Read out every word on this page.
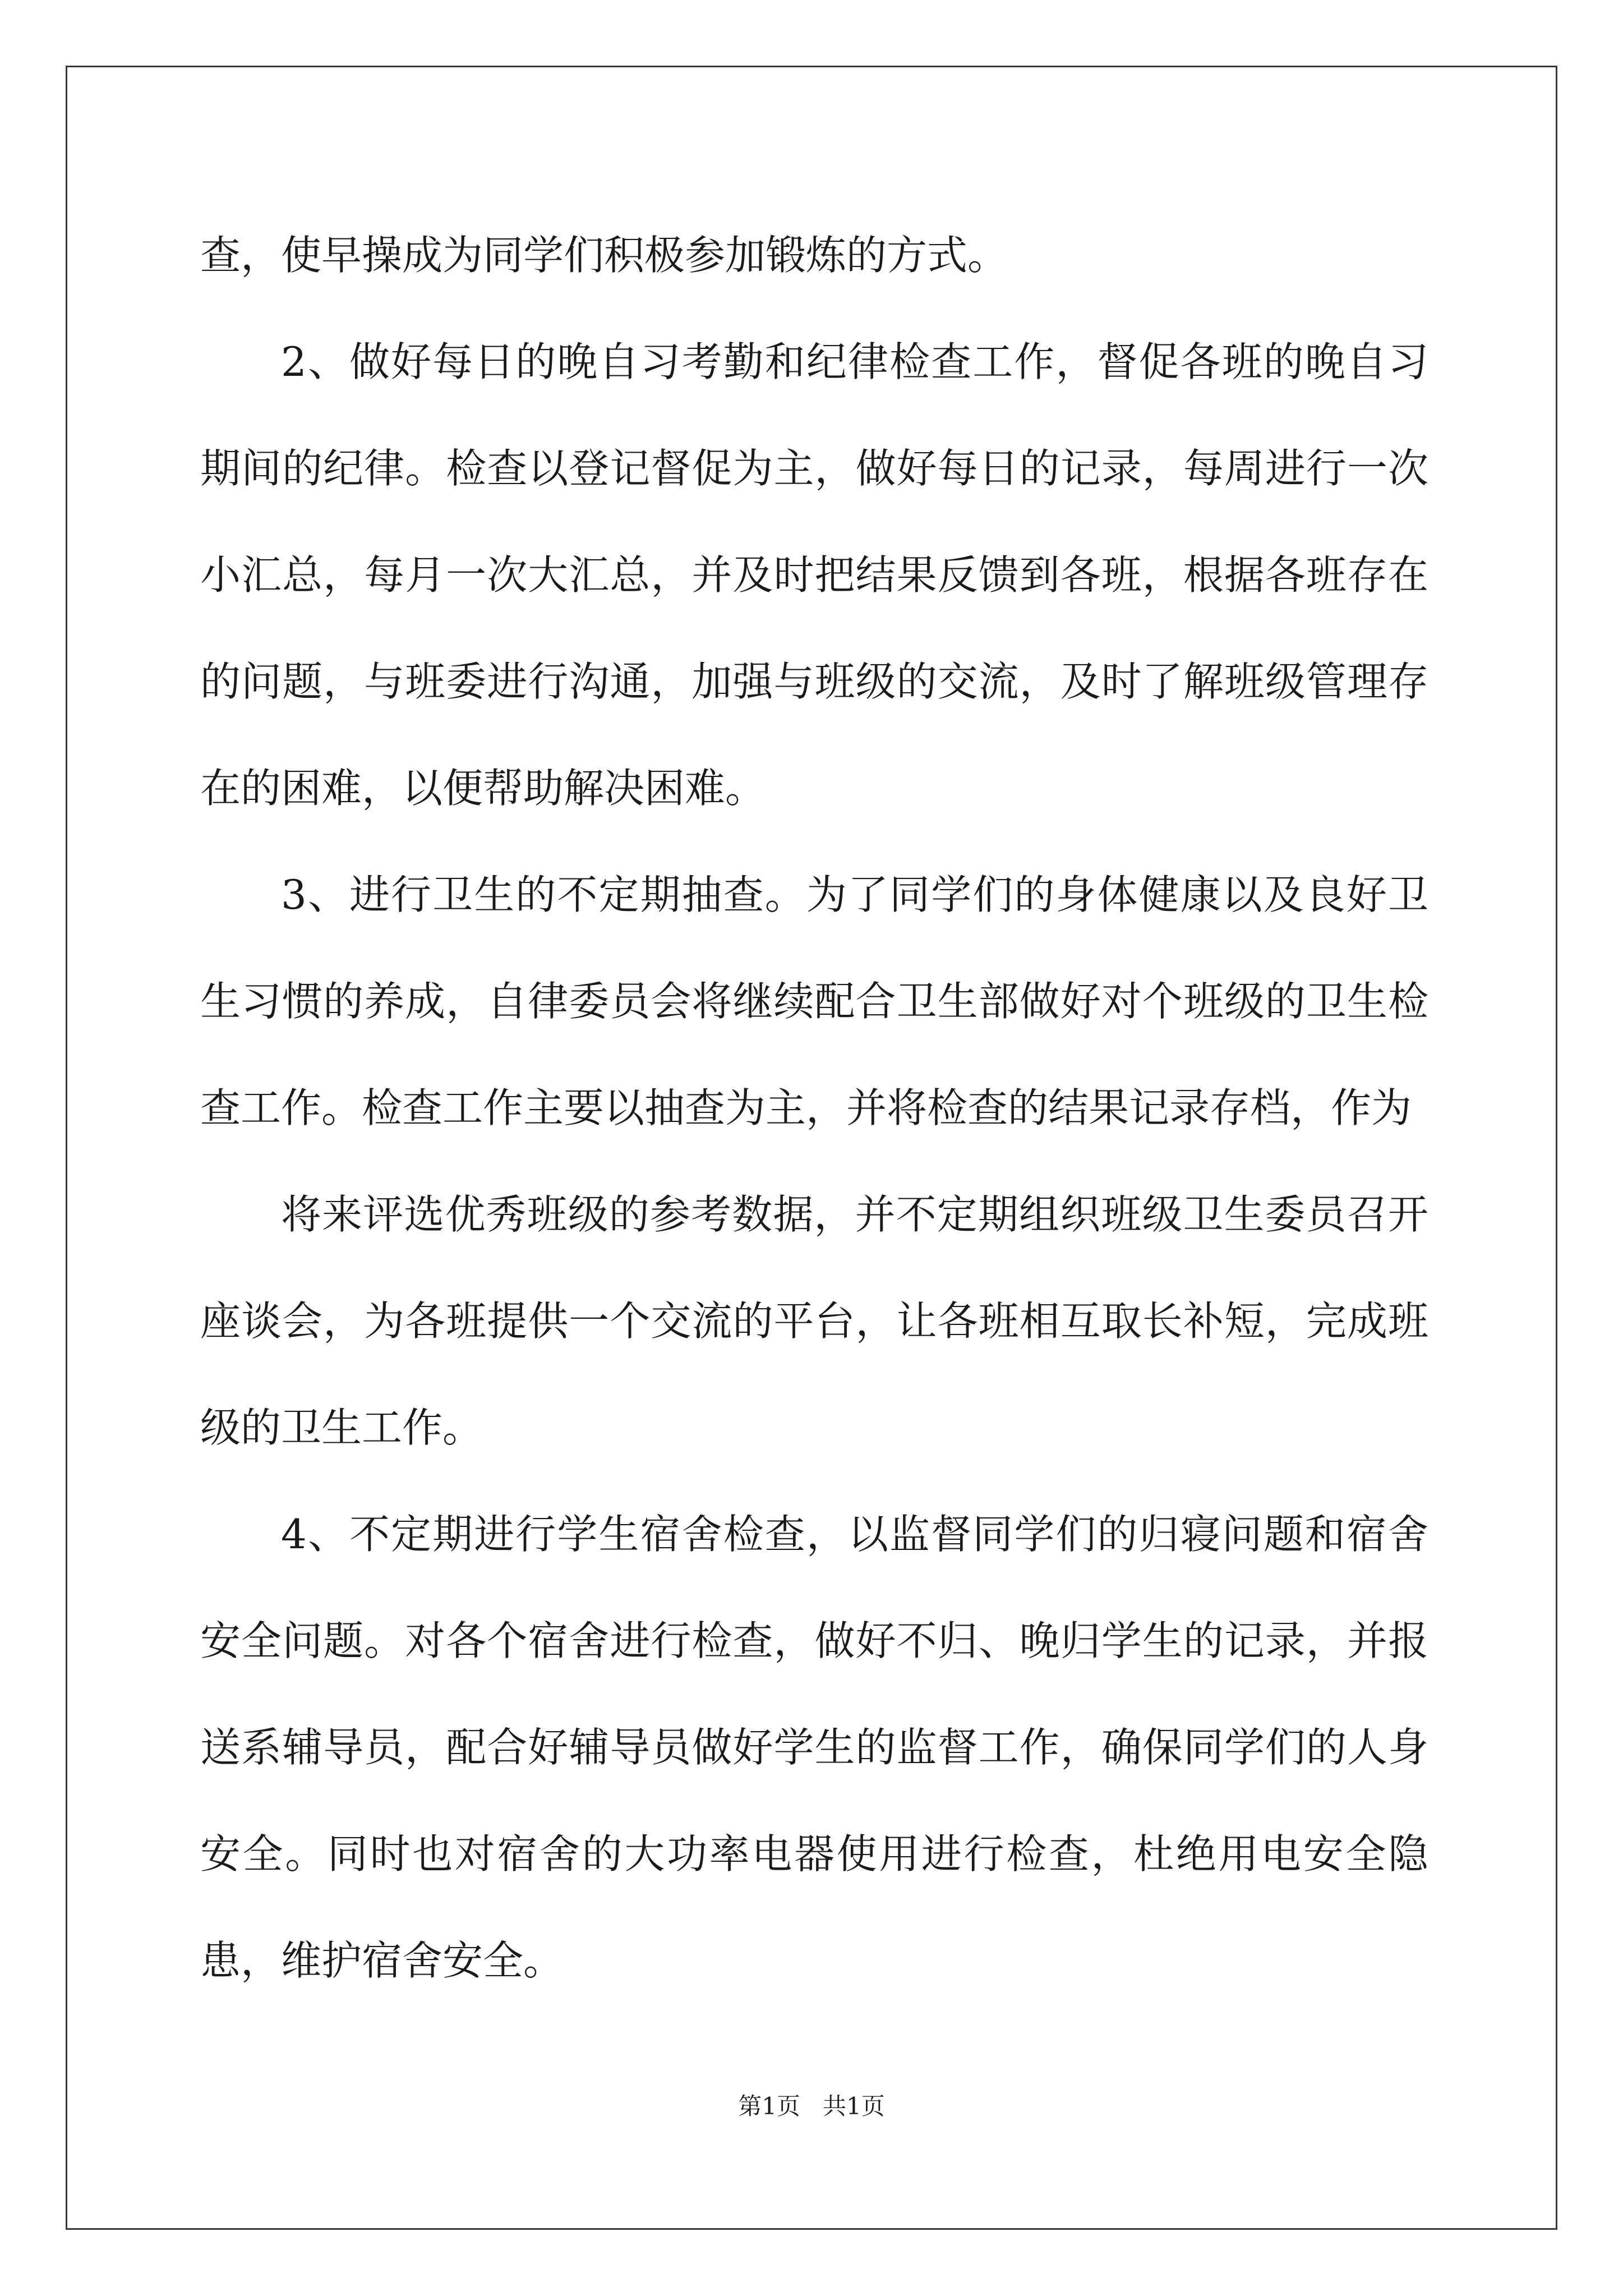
查，使早操成为同学们积极参加锻炼的方式。

2、做好每日的晚自习考勤和纪律检查工作，督促各班的晚自习期间的纪律。检查以登记督促为主，做好每日的记录，每周进行一次小汇总，每月一次大汇总，并及时把结果反馈到各班，根据各班存在的问题，与班委进行沟通，加强与班级的交流，及时了解班级管理存在的困难，以便帮助解决困难。

3、进行卫生的不定期抽查。为了同学们的身体健康以及良好卫生习惯的养成，自律委员会将继续配合卫生部做好对个班级的卫生检查工作。检查工作主要以抽查为主，并将检查的结果记录存档，作为

将来评选优秀班级的参考数据，并不定期组织班级卫生委员召开座谈会，为各班提供一个交流的平台，让各班相互取长补短，完成班级的卫生工作。

4、不定期进行学生宿舍检查，以监督同学们的归寝问题和宿舍安全问题。对各个宿舍进行检查，做好不归、晚归学生的记录，并报送系辅导员，配合好辅导员做好学生的监督工作，确保同学们的人身安全。同时也对宿舍的大功率电器使用进行检查，杜绝用电安全隐患，维护宿舍安全。

第1页   共1页
